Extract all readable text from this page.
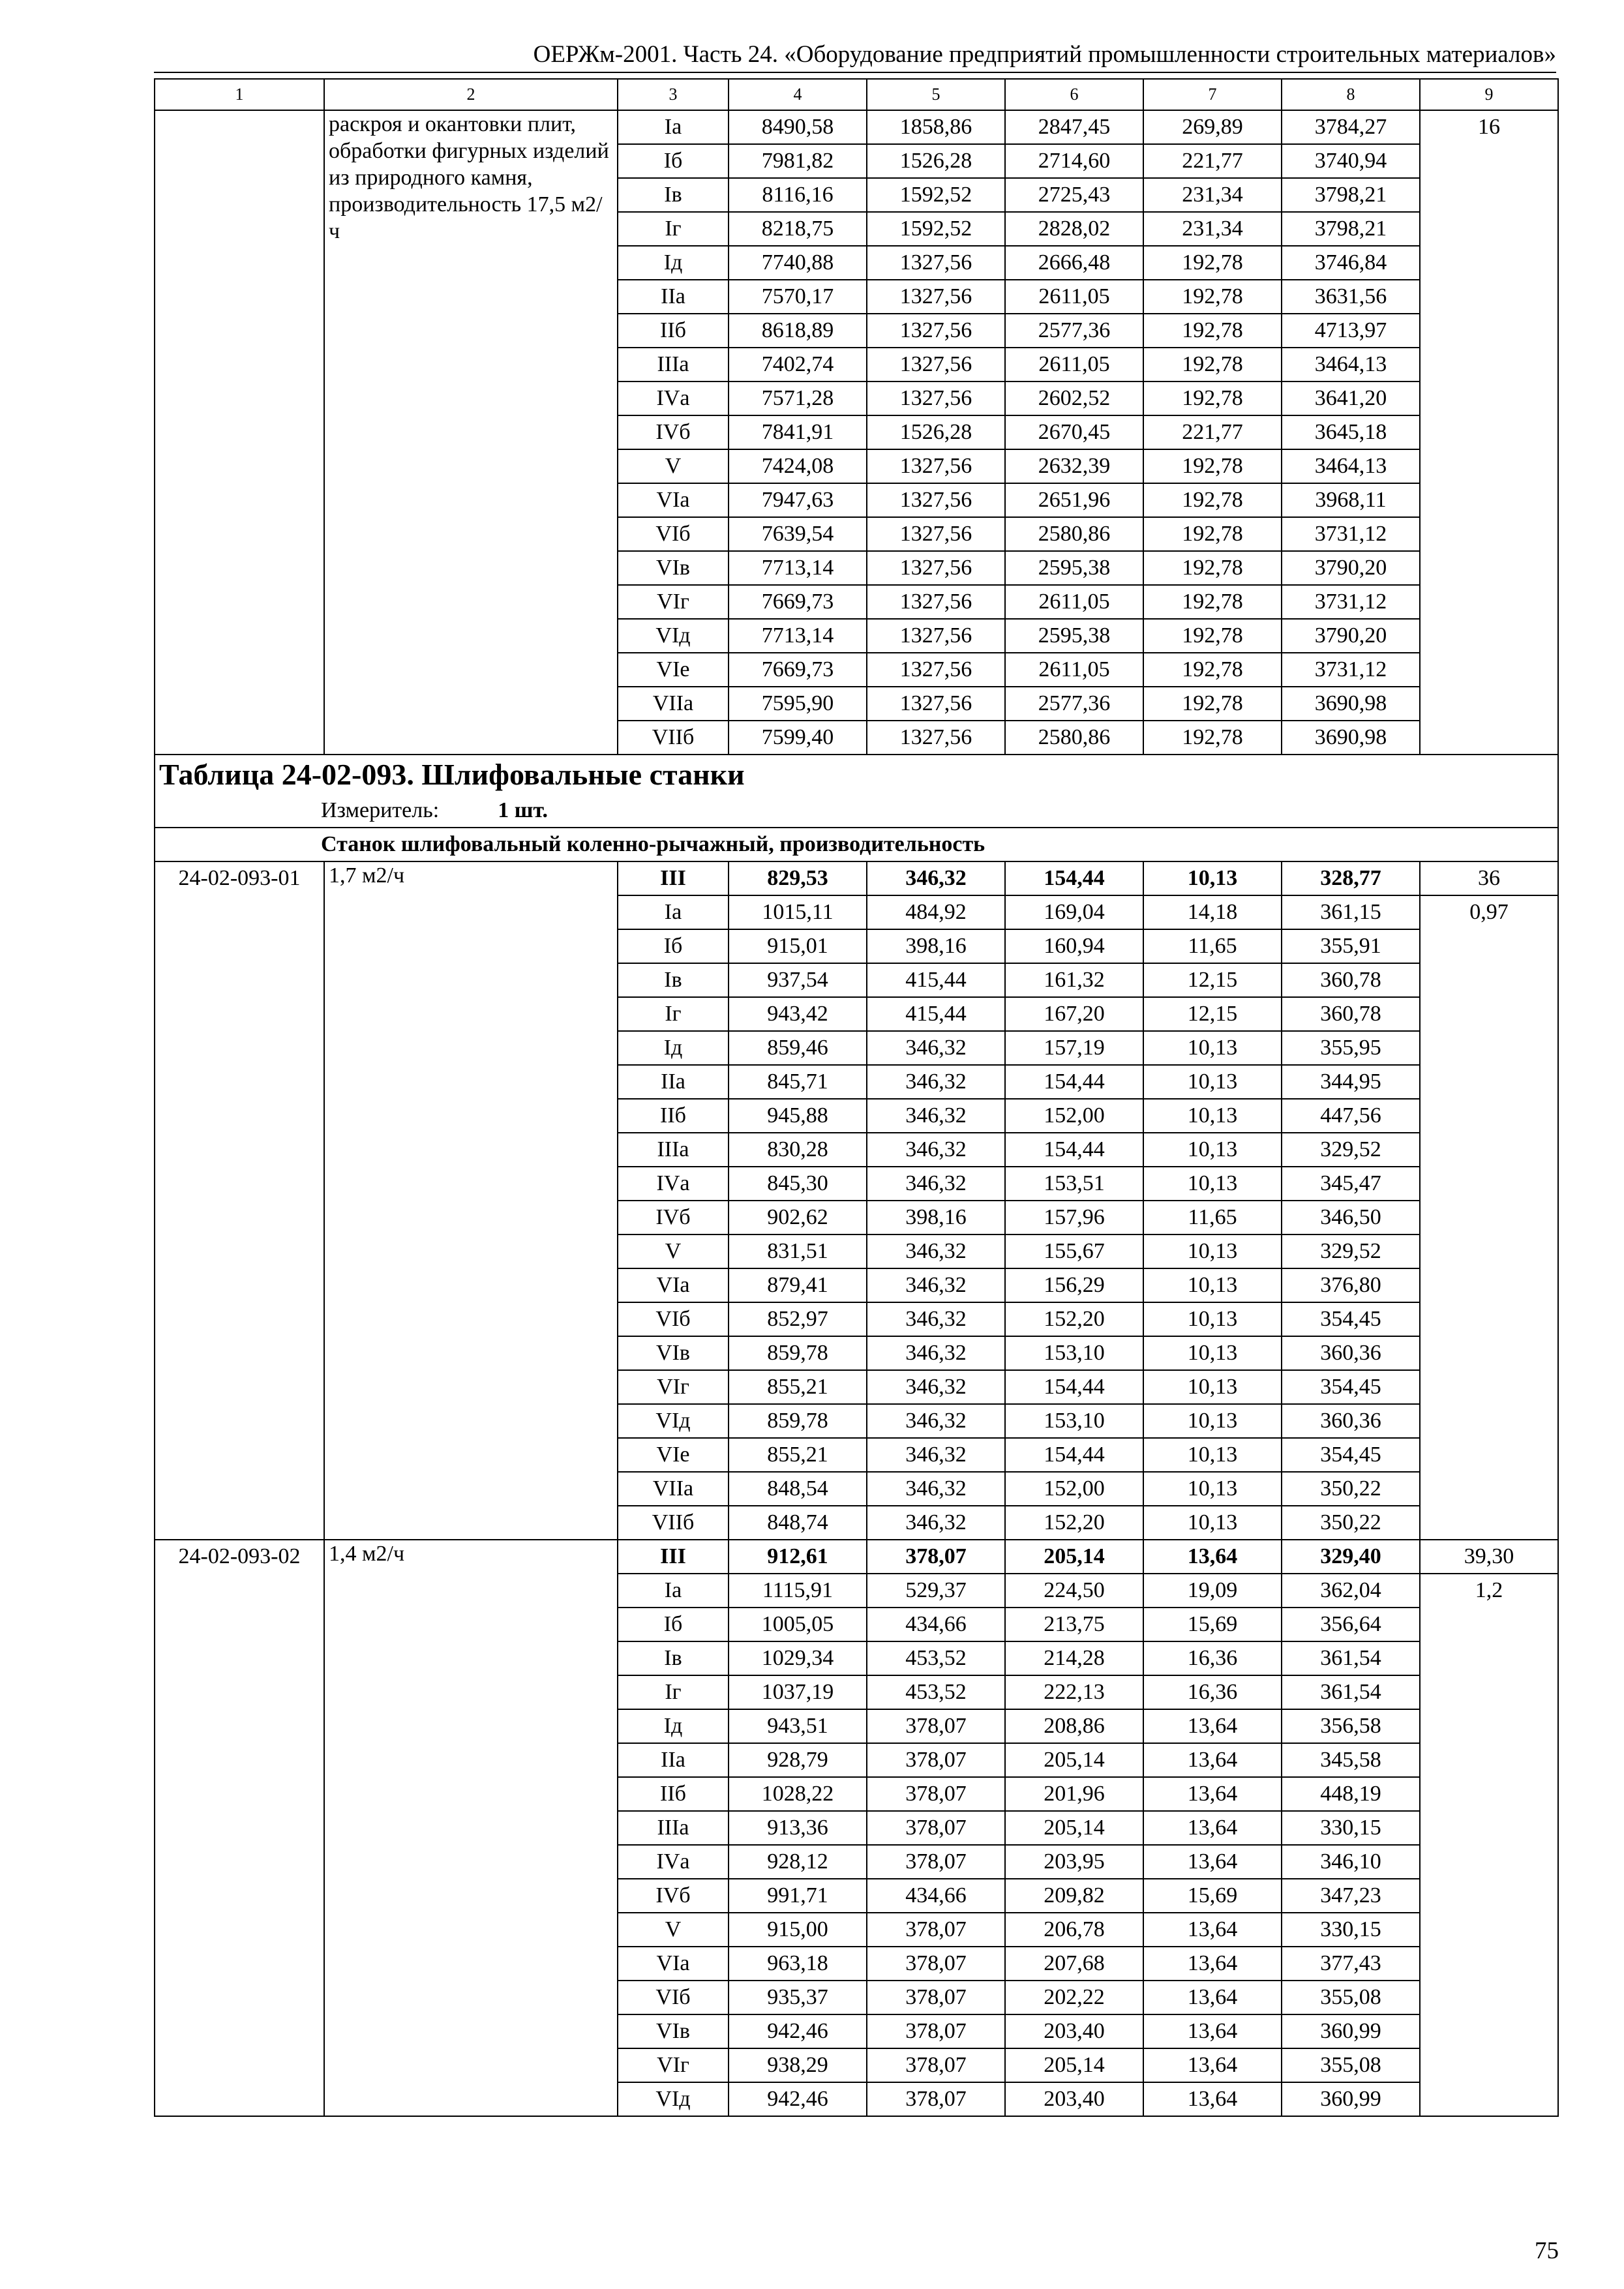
ОЕРЖм-2001. Часть 24. «Оборудование предприятий промышленности строительных материалов»
1	2	3	4	5	6	7	8	9
	раскроя и окантовки плит, обработки фигурных изделий из природного камня, производительность 17,5 м2/ч	Iа	8490,58	1858,86	2847,45	269,89	3784,27	16
		Iб	7981,82	1526,28	2714,60	221,77	3740,94	
		Iв	8116,16	1592,52	2725,43	231,34	3798,21	
		Iг	8218,75	1592,52	2828,02	231,34	3798,21	
		Iд	7740,88	1327,56	2666,48	192,78	3746,84	
		IIа	7570,17	1327,56	2611,05	192,78	3631,56	
		IIб	8618,89	1327,56	2577,36	192,78	4713,97	
		IIIа	7402,74	1327,56	2611,05	192,78	3464,13	
		IVа	7571,28	1327,56	2602,52	192,78	3641,20	
		IVб	7841,91	1526,28	2670,45	221,77	3645,18	
		V	7424,08	1327,56	2632,39	192,78	3464,13	
		VIа	7947,63	1327,56	2651,96	192,78	3968,11	
		VIб	7639,54	1327,56	2580,86	192,78	3731,12	
		VIв	7713,14	1327,56	2595,38	192,78	3790,20	
		VIг	7669,73	1327,56	2611,05	192,78	3731,12	
		VIд	7713,14	1327,56	2595,38	192,78	3790,20	
		VIе	7669,73	1327,56	2611,05	192,78	3731,12	
		VIIа	7595,90	1327,56	2577,36	192,78	3690,98	
		VIIб	7599,40	1327,56	2580,86	192,78	3690,98	
Таблица 24-02-093. Шлифовальные станки								
Измеритель: 1 шт.								
Станок шлифовальный коленно-рычажный, производительность								
24-02-093-01	1,7 м2/ч	III	829,53	346,32	154,44	10,13	328,77	36
		Iа	1015,11	484,92	169,04	14,18	361,15	0,97
		Iб	915,01	398,16	160,94	11,65	355,91	
		Iв	937,54	415,44	161,32	12,15	360,78	
		Iг	943,42	415,44	167,20	12,15	360,78	
		Iд	859,46	346,32	157,19	10,13	355,95	
		IIа	845,71	346,32	154,44	10,13	344,95	
		IIб	945,88	346,32	152,00	10,13	447,56	
		IIIа	830,28	346,32	154,44	10,13	329,52	
		IVа	845,30	346,32	153,51	10,13	345,47	
		IVб	902,62	398,16	157,96	11,65	346,50	
		V	831,51	346,32	155,67	10,13	329,52	
		VIа	879,41	346,32	156,29	10,13	376,80	
		VIб	852,97	346,32	152,20	10,13	354,45	
		VIв	859,78	346,32	153,10	10,13	360,36	
		VIг	855,21	346,32	154,44	10,13	354,45	
		VIд	859,78	346,32	153,10	10,13	360,36	
		VIе	855,21	346,32	154,44	10,13	354,45	
		VIIа	848,54	346,32	152,00	10,13	350,22	
		VIIб	848,74	346,32	152,20	10,13	350,22	
24-02-093-02	1,4 м2/ч	III	912,61	378,07	205,14	13,64	329,40	39,30
		Iа	1115,91	529,37	224,50	19,09	362,04	1,2
		Iб	1005,05	434,66	213,75	15,69	356,64	
		Iв	1029,34	453,52	214,28	16,36	361,54	
		Iг	1037,19	453,52	222,13	16,36	361,54	
		Iд	943,51	378,07	208,86	13,64	356,58	
		IIа	928,79	378,07	205,14	13,64	345,58	
		IIб	1028,22	378,07	201,96	13,64	448,19	
		IIIа	913,36	378,07	205,14	13,64	330,15	
		IVа	928,12	378,07	203,95	13,64	346,10	
		IVб	991,71	434,66	209,82	15,69	347,23	
		V	915,00	378,07	206,78	13,64	330,15	
		VIа	963,18	378,07	207,68	13,64	377,43	
		VIб	935,37	378,07	202,22	13,64	355,08	
		VIв	942,46	378,07	203,40	13,64	360,99	
		VIг	938,29	378,07	205,14	13,64	355,08	
		VIд	942,46	378,07	203,40	13,64	360,99	
75
